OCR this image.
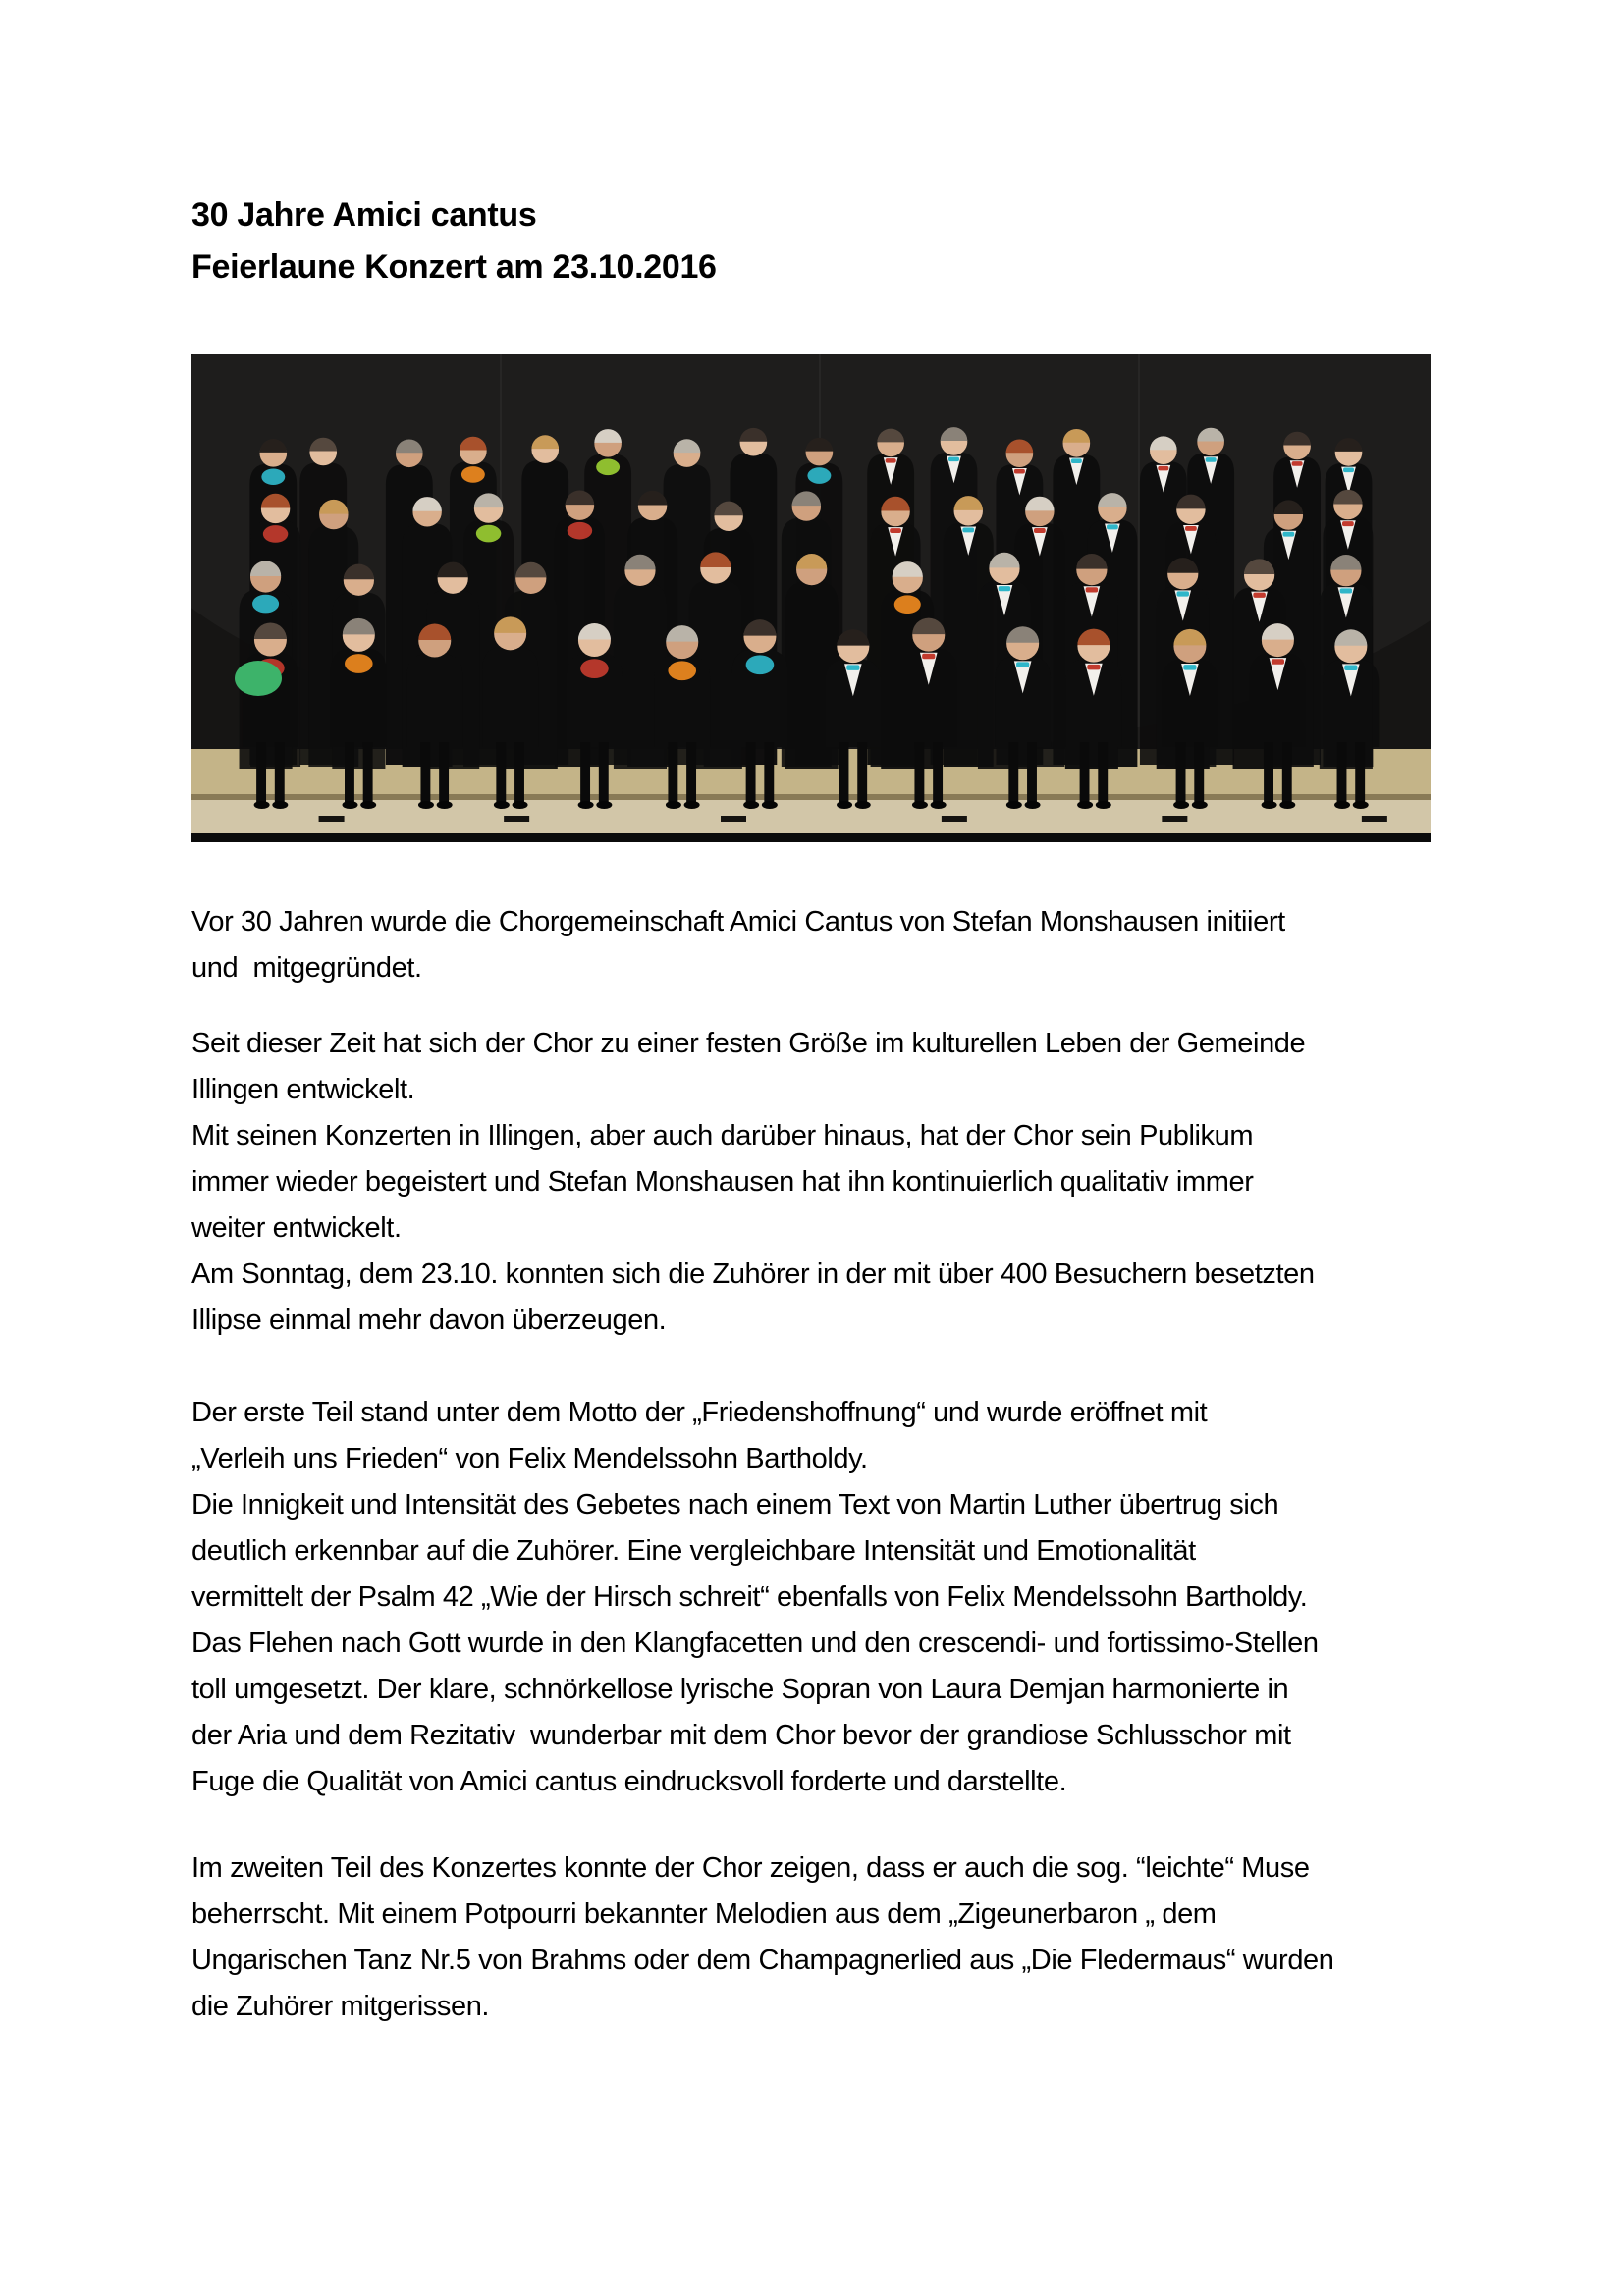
30 Jahre Amici cantus
Feierlaune Konzert am 23.10.2016

Vor 30 Jahren wurde die Chorgemeinschaft Amici Cantus von Stefan Monshausen initiiert
und  mitgegründet.

Seit dieser Zeit hat sich der Chor zu einer festen Größe im kulturellen Leben der Gemeinde
Illingen entwickelt.
Mit seinen Konzerten in Illingen, aber auch darüber hinaus, hat der Chor sein Publikum
immer wieder begeistert und Stefan Monshausen hat ihn kontinuierlich qualitativ immer
weiter entwickelt.
Am Sonntag, dem 23.10. konnten sich die Zuhörer in der mit über 400 Besuchern besetzten
Illipse einmal mehr davon überzeugen.

Der erste Teil stand unter dem Motto der „Friedenshoffnung“ und wurde eröffnet mit
„Verleih uns Frieden“ von Felix Mendelssohn Bartholdy.
Die Innigkeit und Intensität des Gebetes nach einem Text von Martin Luther übertrug sich
deutlich erkennbar auf die Zuhörer. Eine vergleichbare Intensität und Emotionalität
vermittelt der Psalm 42 „Wie der Hirsch schreit“ ebenfalls von Felix Mendelssohn Bartholdy.
Das Flehen nach Gott wurde in den Klangfacetten und den crescendi- und fortissimo-Stellen
toll umgesetzt. Der klare, schnörkellose lyrische Sopran von Laura Demjan harmonierte in
der Aria und dem Rezitativ  wunderbar mit dem Chor bevor der grandiose Schlusschor mit
Fuge die Qualität von Amici cantus eindrucksvoll forderte und darstellte.

Im zweiten Teil des Konzertes konnte der Chor zeigen, dass er auch die sog. “leichte“ Muse
beherrscht. Mit einem Potpourri bekannter Melodien aus dem „Zigeunerbaron „ dem
Ungarischen Tanz Nr.5 von Brahms oder dem Champagnerlied aus „Die Fledermaus“ wurden
die Zuhörer mitgerissen.
